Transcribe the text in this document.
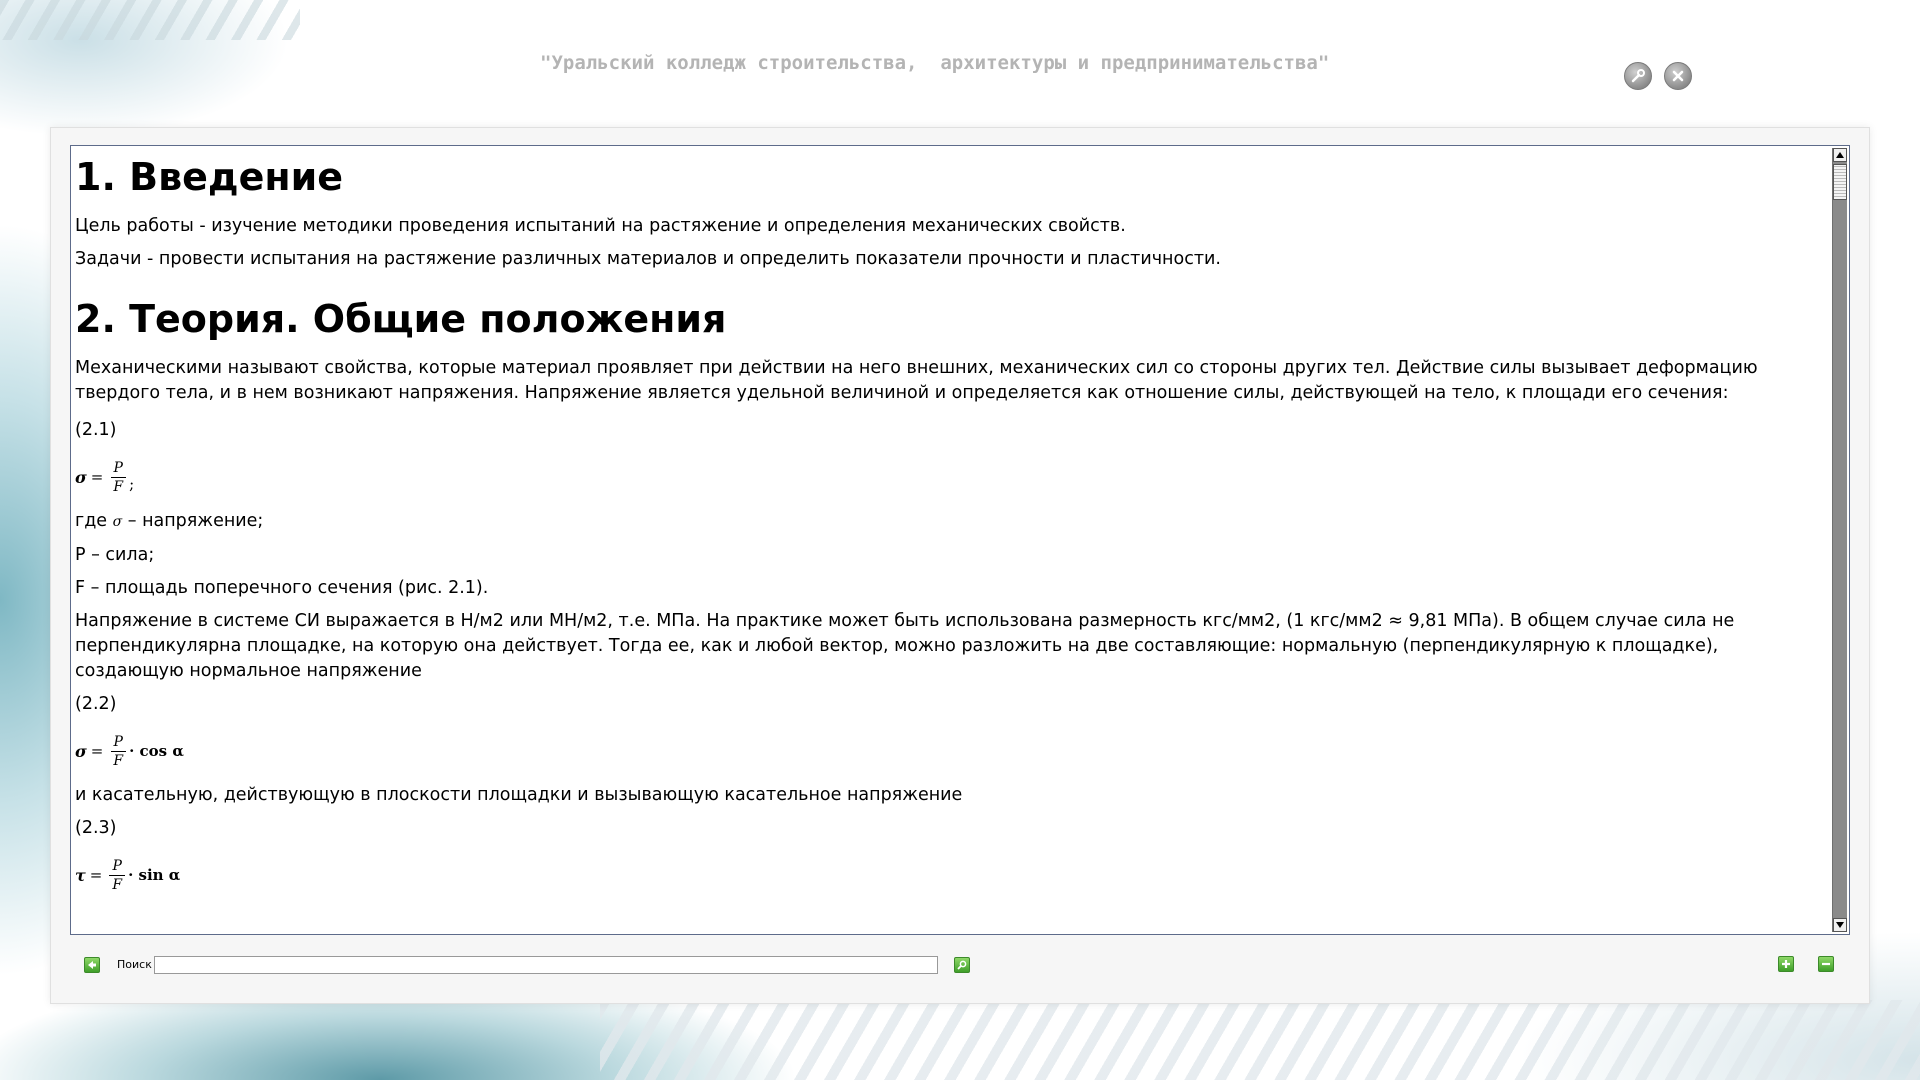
"Уральский колледж строительства,  архитектуры и предпринимательства"
1. Введение

Цель работы - изучение методики проведения испытаний на растяжение и определения механических свойств.

Задачи - провести испытания на растяжение различных материалов и определить показатели прочности и пластичности.

2. Теория. Общие положения

Механическими называют свойства, которые материал проявляет при действии на него внешних, механических сил со стороны других тел. Действие силы вызывает деформацию твердого тела, и в нем возникают напряжения. Напряжение является удельной величиной и определяется как отношение силы, действующей на тело, к площади его сечения:

(2.1)

$\sigma = \frac{P}{F}$ ;

где σ – напряжение;

P – сила;

F – площадь поперечного сечения (рис. 2.1).

Напряжение в системе СИ выражается в Н/м2 или МН/м2, т.е. МПа. На практике может быть использована размерность кгс/мм2, (1 кгс/мм2 ≈ 9,81 МПа). В общем случае сила не перпендикулярна площадке, на которую она действует. Тогда ее, как и любой вектор, можно разложить на две составляющие: нормальную (перпендикулярную к площадке), создающую нормальное напряжение

(2.2)

$\sigma = \frac{P}{F} \cdot \cos \alpha$

и касательную, действующую в плоскости площадки и вызывающую касательное напряжение

(2.3)

$\tau = \frac{P}{F} \cdot \sin \alpha$
Поиск
